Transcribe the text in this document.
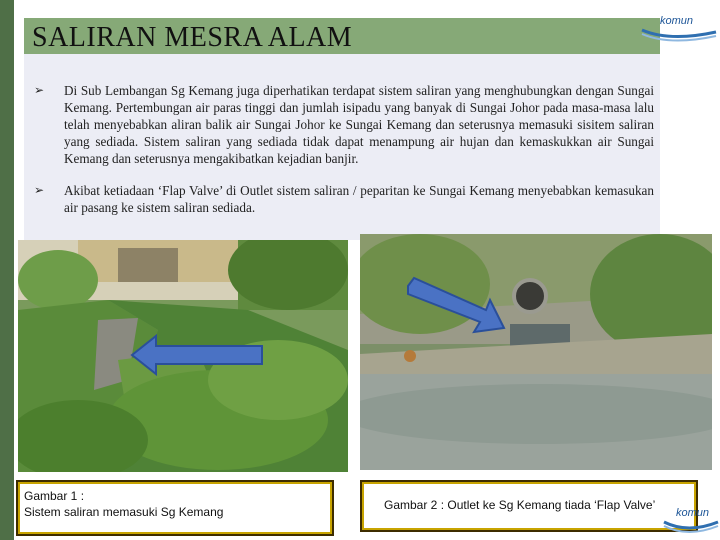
SALIRAN MESRA ALAM
komun
➢ Di Sub Lembangan Sg Kemang juga diperhatikan terdapat sistem saliran yang menghubungkan dengan Sungai Kemang. Pertembungan air paras tinggi dan jumlah isipadu yang banyak di Sungai Johor pada masa-masa lalu telah menyebabkan aliran balik air Sungai Johor ke Sungai Kemang dan seterusnya memasuki sisitem saliran yang sediada. Sistem saliran yang sediada tidak dapat menampung air hujan dan kemaskukkan air Sungai Kemang dan seterusnya mengakibatkan kejadian banjir.
➢ Akibat ketiadaan ‘Flap Valve’ di Outlet sistem saliran / peparitan ke Sungai Kemang menyebabkan kemasukan air pasang ke sistem saliran sediada.
Gambar 1 :
Sistem saliran memasuki Sg Kemang	Gambar 2 : Outlet ke Sg Kemang tiada ‘Flap Valve’
komun
